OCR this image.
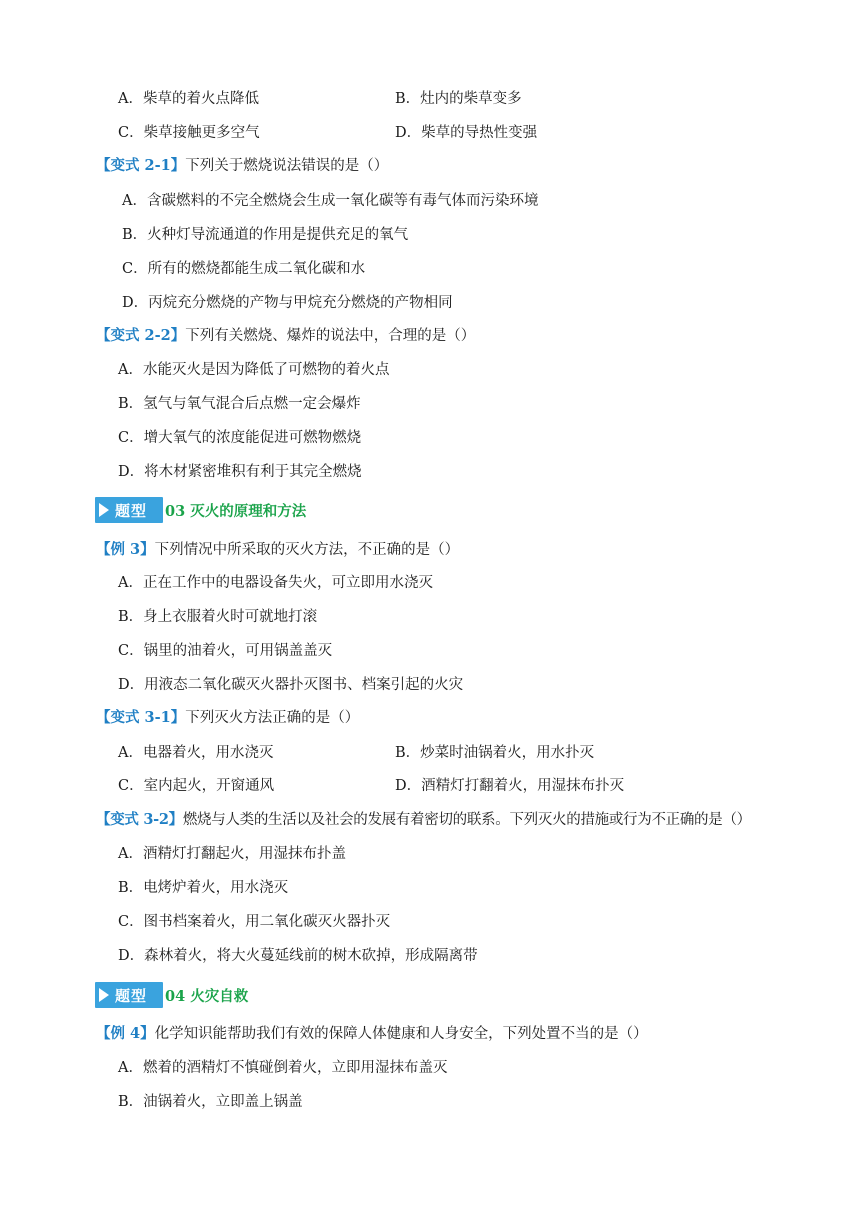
A．柴草的着火点降低	B．灶内的柴草变多
C．柴草接触更多空气	D．柴草的导热性变强
【变式 2-1】下列关于燃烧说法错误的是（）
A．含碳燃料的不完全燃烧会生成一氧化碳等有毒气体而污染环境
B．火种灯导流通道的作用是提供充足的氧气
C．所有的燃烧都能生成二氧化碳和水
D．丙烷充分燃烧的产物与甲烷充分燃烧的产物相同
【变式 2-2】下列有关燃烧、爆炸的说法中，合理的是（）
A．水能灭火是因为降低了可燃物的着火点
B．氢气与氧气混合后点燃一定会爆炸
C．增大氧气的浓度能促进可燃物燃烧
D．将木材紧密堆积有利于其完全燃烧
题型 03 灭火的原理和方法
【例 3】下列情况中所采取的灭火方法，不正确的是（）
A．正在工作中的电器设备失火，可立即用水浇灭
B．身上衣服着火时可就地打滚
C．锅里的油着火，可用锅盖盖灭
D．用液态二氧化碳灭火器扑灭图书、档案引起的火灾
【变式 3-1】下列灭火方法正确的是（）
A．电器着火，用水浇灭	B．炒菜时油锅着火，用水扑灭
C．室内起火，开窗通风	D．酒精灯打翻着火，用湿抹布扑灭
【变式 3-2】燃烧与人类的生活以及社会的发展有着密切的联系。下列灭火的措施或行为不正确的是（）
A．酒精灯打翻起火，用湿抹布扑盖
B．电烤炉着火，用水浇灭
C．图书档案着火，用二氧化碳灭火器扑灭
D．森林着火，将大火蔓延线前的树木砍掉，形成隔离带
题型 04 火灾自救
【例 4】化学知识能帮助我们有效的保障人体健康和人身安全，下列处置不当的是（）
A．燃着的酒精灯不慎碰倒着火，立即用湿抹布盖灭
B．油锅着火，立即盖上锅盖
